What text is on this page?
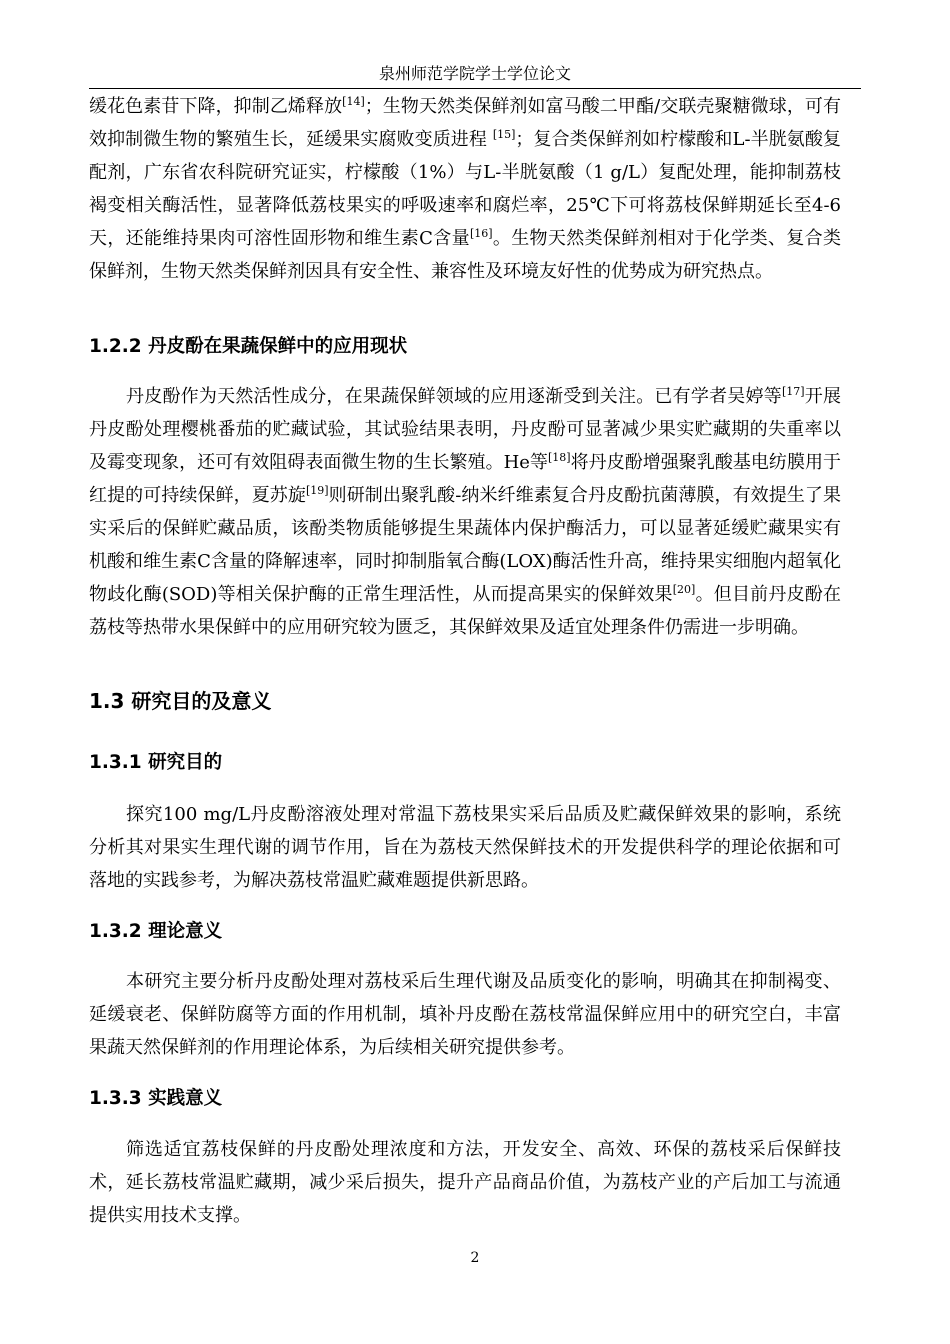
泉州师范学院学士学位论文

缓花色素苷下降，抑制乙烯释放[14]；生物天然类保鲜剂如富马酸二甲酯/交联壳聚糖微球，可有效抑制微生物的繁殖生长，延缓果实腐败变质进程 [15]；复合类保鲜剂如柠檬酸和L-半胱氨酸复配剂，广东省农科院研究证实，柠檬酸（1%）与L-半胱氨酸（1 g/L）复配处理，能抑制荔枝褐变相关酶活性，显著降低荔枝果实的呼吸速率和腐烂率，25℃下可将荔枝保鲜期延长至4-6天，还能维持果肉可溶性固形物和维生素C含量[16]。生物天然类保鲜剂相对于化学类、复合类保鲜剂，生物天然类保鲜剂因具有安全性、兼容性及环境友好性的优势成为研究热点。

1.2.2 丹皮酚在果蔬保鲜中的应用现状

丹皮酚作为天然活性成分，在果蔬保鲜领域的应用逐渐受到关注。已有学者吴婷等[17]开展丹皮酚处理樱桃番茄的贮藏试验，其试验结果表明，丹皮酚可显著减少果实贮藏期的失重率以及霉变现象，还可有效阻碍表面微生物的生长繁殖。He等[18]将丹皮酚增强聚乳酸基电纺膜用于红提的可持续保鲜，夏苏旋[19]则研制出聚乳酸-纳米纤维素复合丹皮酚抗菌薄膜，有效提生了果实采后的保鲜贮藏品质，该酚类物质能够提生果蔬体内保护酶活力，可以显著延缓贮藏果实有机酸和维生素C含量的降解速率，同时抑制脂氧合酶(LOX)酶活性升高，维持果实细胞内超氧化物歧化酶(SOD)等相关保护酶的正常生理活性，从而提高果实的保鲜效果[20]。但目前丹皮酚在荔枝等热带水果保鲜中的应用研究较为匮乏，其保鲜效果及适宜处理条件仍需进一步明确。

1.3 研究目的及意义
1.3.1 研究目的

探究100 mg/L丹皮酚溶液处理对常温下荔枝果实采后品质及贮藏保鲜效果的影响，系统分析其对果实生理代谢的调节作用，旨在为荔枝天然保鲜技术的开发提供科学的理论依据和可落地的实践参考，为解决荔枝常温贮藏难题提供新思路。

1.3.2 理论意义

本研究主要分析丹皮酚处理对荔枝采后生理代谢及品质变化的影响，明确其在抑制褐变、延缓衰老、保鲜防腐等方面的作用机制，填补丹皮酚在荔枝常温保鲜应用中的研究空白，丰富果蔬天然保鲜剂的作用理论体系，为后续相关研究提供参考。

1.3.3 实践意义

筛选适宜荔枝保鲜的丹皮酚处理浓度和方法，开发安全、高效、环保的荔枝采后保鲜技术，延长荔枝常温贮藏期，减少采后损失，提升产品商品价值，为荔枝产业的产后加工与流通提供实用技术支撑。

2
